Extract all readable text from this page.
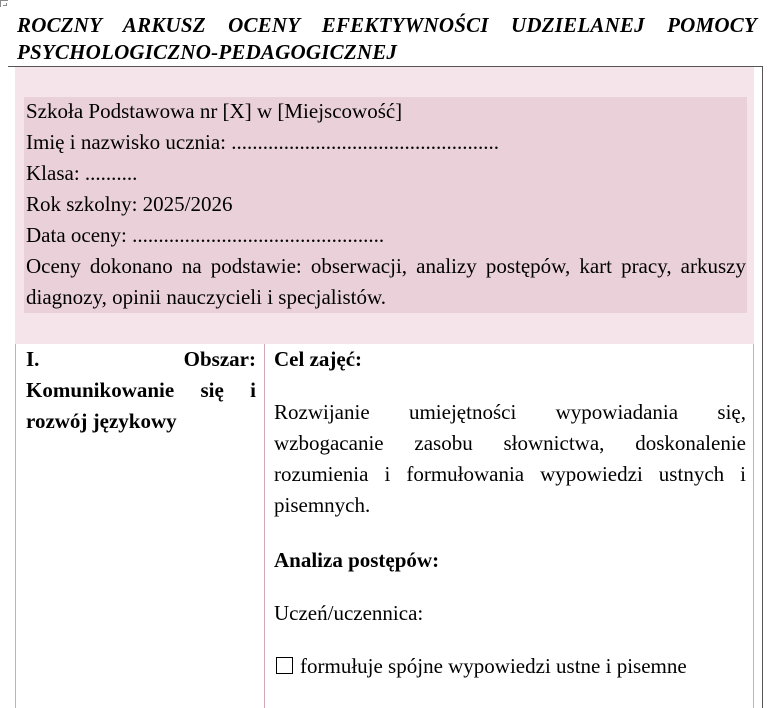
ROCZNY ARKUSZ OCENY EFEKTYWNOŚCI UDZIELANEJ POMOCY PSYCHOLOGICZNO-PEDAGOGICZNEJ
Szkoła Podstawowa nr [X] w [Miejscowość]
Imię i nazwisko ucznia: ...................................................
Klasa: ..........
Rok szkolny: 2025/2026
Data oceny: ................................................
Oceny dokonano na podstawie: obserwacji, analizy postępów, kart pracy, arkuszy diagnozy, opinii nauczycieli i specjalistów.
I. Obszar: Komunikowanie się i rozwój językowy

Cel zajęć:

Rozwijanie umiejętności wypowiadania się, wzbogacanie zasobu słownictwa, doskonalenie rozumienia i formułowania wypowiedzi ustnych i pisemnych.

Analiza postępów:

Uczeń/uczennica:

formułuje spójne wypowiedzi ustne i pisemne
